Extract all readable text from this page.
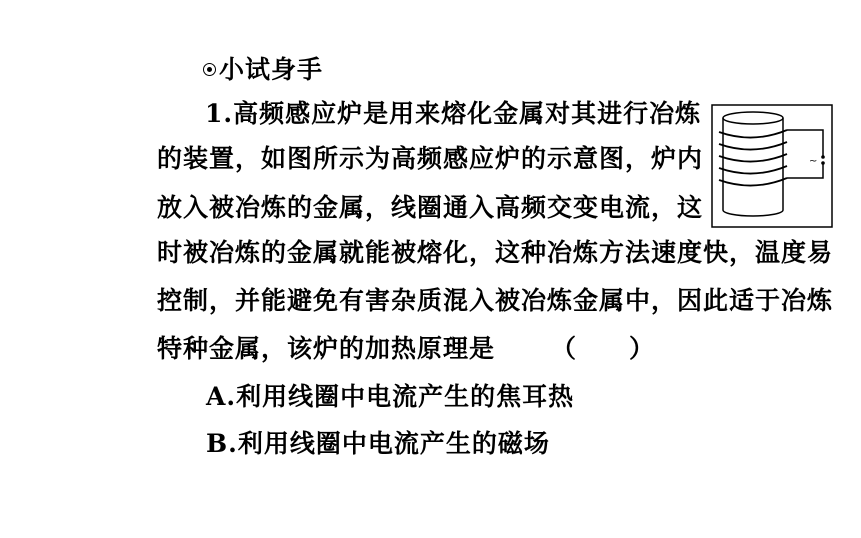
小试身手
1.高频感应炉是用来熔化金属对其进行冶炼
的装置，如图所示为高频感应炉的示意图，炉内
放入被冶炼的金属，线圈通入高频交变电流，这
时被冶炼的金属就能被熔化，这种冶炼方法速度快，温度易
控制，并能避免有害杂质混入被冶炼金属中，因此适于冶炼
特种金属，该炉的加热原理是 （　　）
A.利用线圈中电流产生的焦耳热
B.利用线圈中电流产生的磁场
~
